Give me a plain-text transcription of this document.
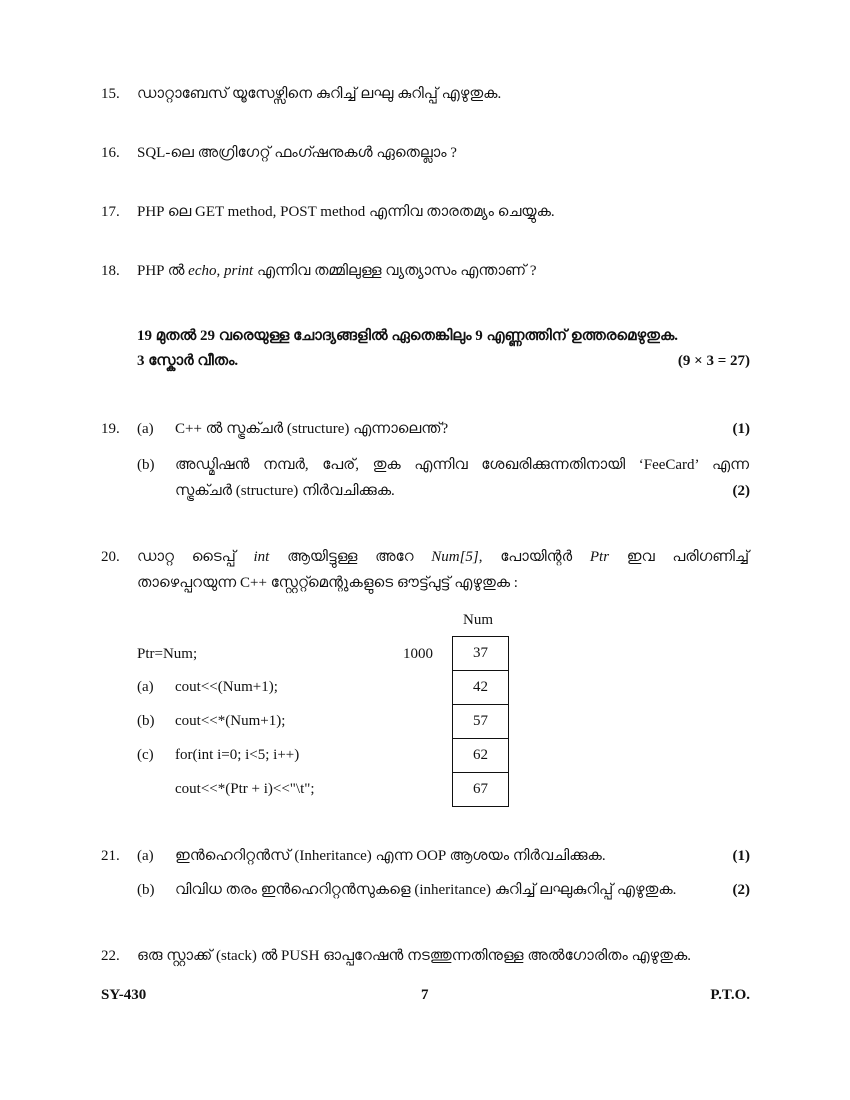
15. ഡാറ്റാബേസ് യൂസേഴ്സിനെ കുറിച്ച് ലഘു കുറിപ്പ് എഴുതുക.
16. SQL-ലെ അഗ്രിഗേറ്റ് ഫംഗ്ഷനുകൾ ഏതെല്ലാം ?
17. PHP ലെ GET method, POST method എന്നിവ താരതമ്യം ചെയ്യുക.
18. PHP ൽ echo, print എന്നിവ തമ്മിലുള്ള വ്യത്യാസം എന്താണ് ?
19 മുതൽ 29 വരെയുള്ള ചോദ്യങ്ങളിൽ ഏതെങ്കിലും 9 എണ്ണത്തിന് ഉത്തരമെഴുതുക.
3 സ്കോർ വീതം.	(9 × 3 = 27)
19. (a) C++ ൽ സ്ട്രക്ചർ (structure) എന്നാലെന്ത്?	(1)
(b) അഡ്മിഷൻ നമ്പർ, പേര്, തുക എന്നിവ ശേഖരിക്കുന്നതിനായി ‘FeeCard’ എന്ന
സ്ട്രക്ചർ (structure) നിർവചിക്കുക.	(2)
20. ഡാറ്റ ടൈപ്പ് int ആയിട്ടുള്ള അറേ Num[5], പോയിന്റർ Ptr ഇവ പരിഗണിച്ച്
താഴെപ്പറയുന്ന C++ സ്റ്റേറ്റ്മെന്റുകളുടെ ഔട്ട്പുട്ട് എഴുതുക :
Num
Ptr=Num;	1000	37
42
57
62
67
(a) cout<<(Num+1);
(b) cout<<*(Num+1);
(c) for(int i=0; i<5; i++)
cout<<*(Ptr + i)<<"\t";
21. (a) ഇൻഹെറിറ്റൻസ് (Inheritance) എന്ന OOP ആശയം നിർവചിക്കുക.	(1)
(b) വിവിധ തരം ഇൻഹെറിറ്റൻസുകളെ (inheritance) കുറിച്ച് ലഘുകുറിപ്പ് എഴുതുക.	(2)
22. ഒരു സ്റ്റാക്ക് (stack) ൽ PUSH ഓപ്പറേഷൻ നടത്തുന്നതിനുള്ള അൽഗോരിതം എഴുതുക.
SY-430	7	P.T.O.
